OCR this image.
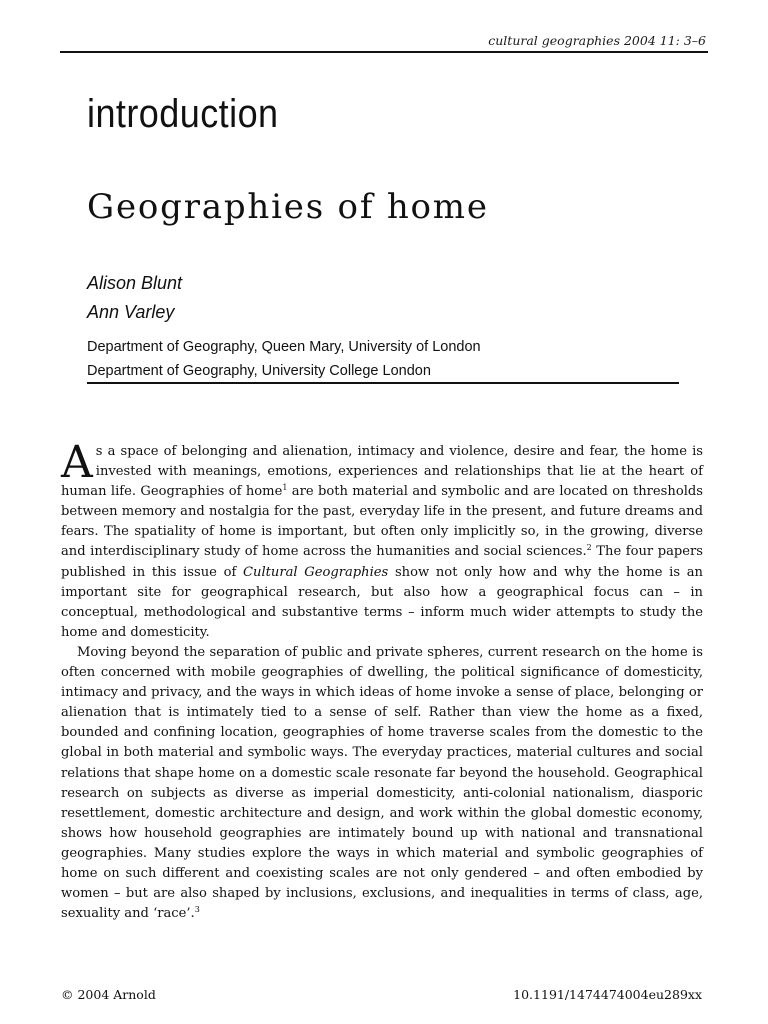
cultural geographies 2004 11: 3–6
introduction
Geographies of home
Alison Blunt
Ann Varley
Department of Geography, Queen Mary, University of London
Department of Geography, University College London

As a space of belonging and alienation, intimacy and violence, desire and fear, the home is invested with meanings, emotions, experiences and relationships that lie at the heart of human life. Geographies of home$^1$ are both material and symbolic and are located on thresholds between memory and nostalgia for the past, everyday life in the present, and future dreams and fears. The spatiality of home is important, but often only implicitly so, in the growing, diverse and interdisciplinary study of home across the humanities and social sciences.$^2$ The four papers published in this issue of Cultural Geographies show not only how and why the home is an important site for geographical research, but also how a geographical focus can – in conceptual, methodological and substantive terms – inform much wider attempts to study the home and domesticity.

Moving beyond the separation of public and private spheres, current research on the home is often concerned with mobile geographies of dwelling, the political significance of domesticity, intimacy and privacy, and the ways in which ideas of home invoke a sense of place, belonging or alienation that is intimately tied to a sense of self. Rather than view the home as a fixed, bounded and confining location, geographies of home traverse scales from the domestic to the global in both material and symbolic ways. The everyday practices, material cultures and social relations that shape home on a domestic scale resonate far beyond the household. Geographical research on subjects as diverse as imperial domesticity, anti-colonial nationalism, diasporic resettlement, domestic architecture and design, and work within the global domestic economy, shows how household geographies are intimately bound up with national and transnational geographies. Many studies explore the ways in which material and symbolic geographies of home on such different and coexisting scales are not only gendered – and often embodied by women – but are also shaped by inclusions, exclusions, and inequalities in terms of class, age, sexuality and ‘race’.$^3$

© 2004 Arnold	10.1191/1474474004eu289xx
